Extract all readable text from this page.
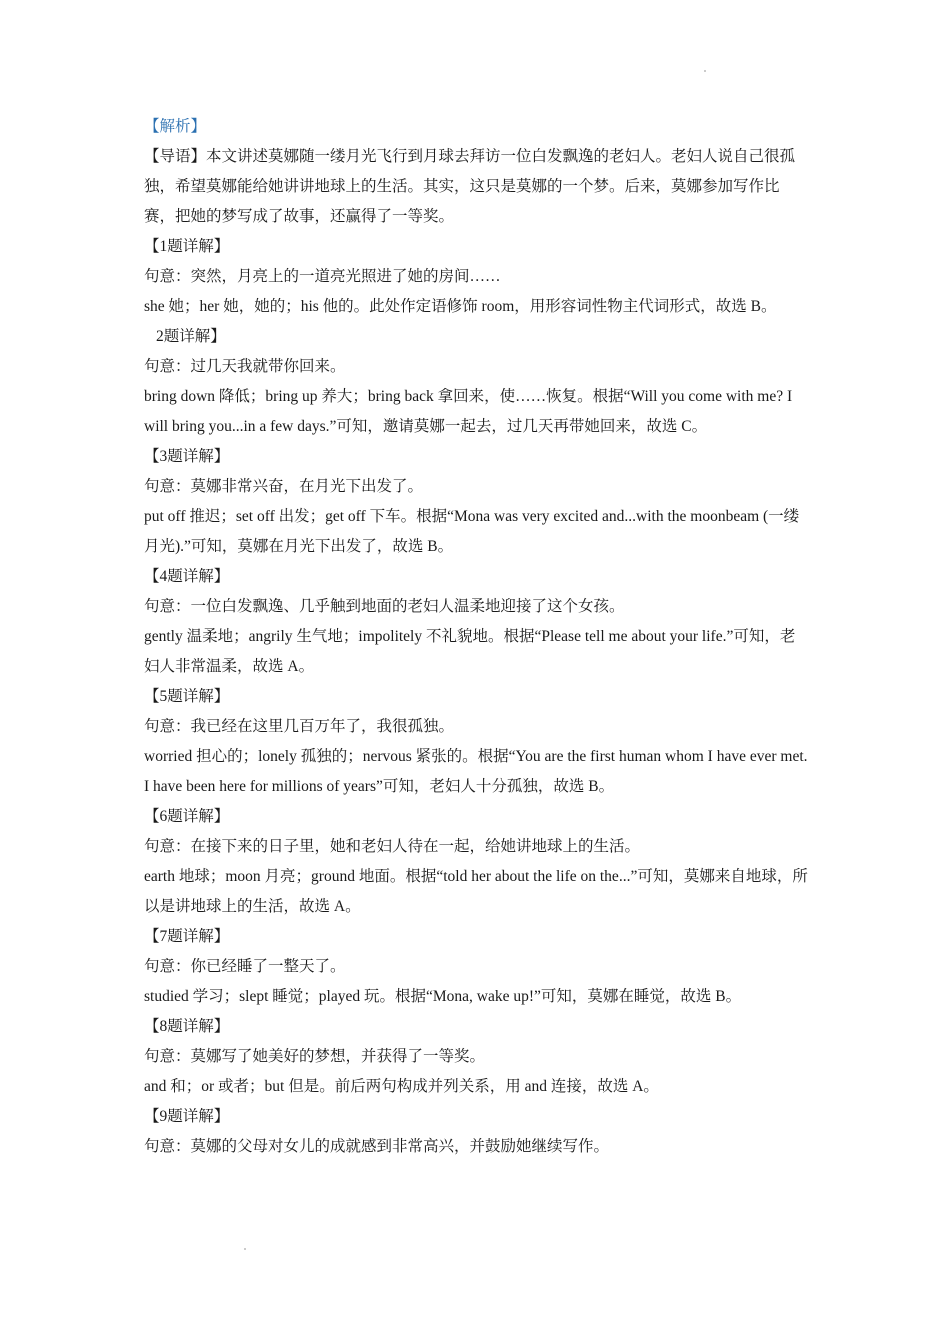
【解析】
【导语】本文讲述莫娜随一缕月光飞行到月球去拜访一位白发飘逸的老妇人。老妇人说自己很孤独，希望莫娜能给她讲讲地球上的生活。其实，这只是莫娜的一个梦。后来，莫娜参加写作比赛，把她的梦写成了故事，还赢得了一等奖。
【1题详解】
句意：突然，月亮上的一道亮光照进了她的房间……
she 她；her 她，她的；his 他的。此处作定语修饰 room，用形容词性物主代词形式，故选 B。
2题详解】
句意：过几天我就带你回来。
bring down 降低；bring up 养大；bring back 拿回来，使……恢复。根据“Will you come with me? I will bring you...in a few days.”可知，邀请莫娜一起去，过几天再带她回来，故选 C。
【3题详解】
句意：莫娜非常兴奋，在月光下出发了。
put off 推迟；set off 出发；get off 下车。根据“Mona was very excited and...with the moonbeam (一缕月光).”可知，莫娜在月光下出发了，故选 B。
【4题详解】
句意：一位白发飘逸、几乎触到地面的老妇人温柔地迎接了这个女孩。
gently 温柔地；angrily 生气地；impolitely 不礼貌地。根据“Please tell me about your life.”可知，老妇人非常温柔，故选 A。
【5题详解】
句意：我已经在这里几百万年了，我很孤独。
worried 担心的；lonely 孤独的；nervous 紧张的。根据“You are the first human whom I have ever met. I have been here for millions of years”可知，老妇人十分孤独，故选 B。
【6题详解】
句意：在接下来的日子里，她和老妇人待在一起，给她讲地球上的生活。
earth 地球；moon 月亮；ground 地面。根据“told her about the life on the...”可知，莫娜来自地球，所以是讲地球上的生活，故选 A。
【7题详解】
句意：你已经睡了一整天了。
studied 学习；slept 睡觉；played 玩。根据“Mona, wake up!”可知，莫娜在睡觉，故选 B。
【8题详解】
句意：莫娜写了她美好的梦想，并获得了一等奖。
and 和；or 或者；but 但是。前后两句构成并列关系，用 and 连接，故选 A。
【9题详解】
句意：莫娜的父母对女儿的成就感到非常高兴，并鼓励她继续写作。
